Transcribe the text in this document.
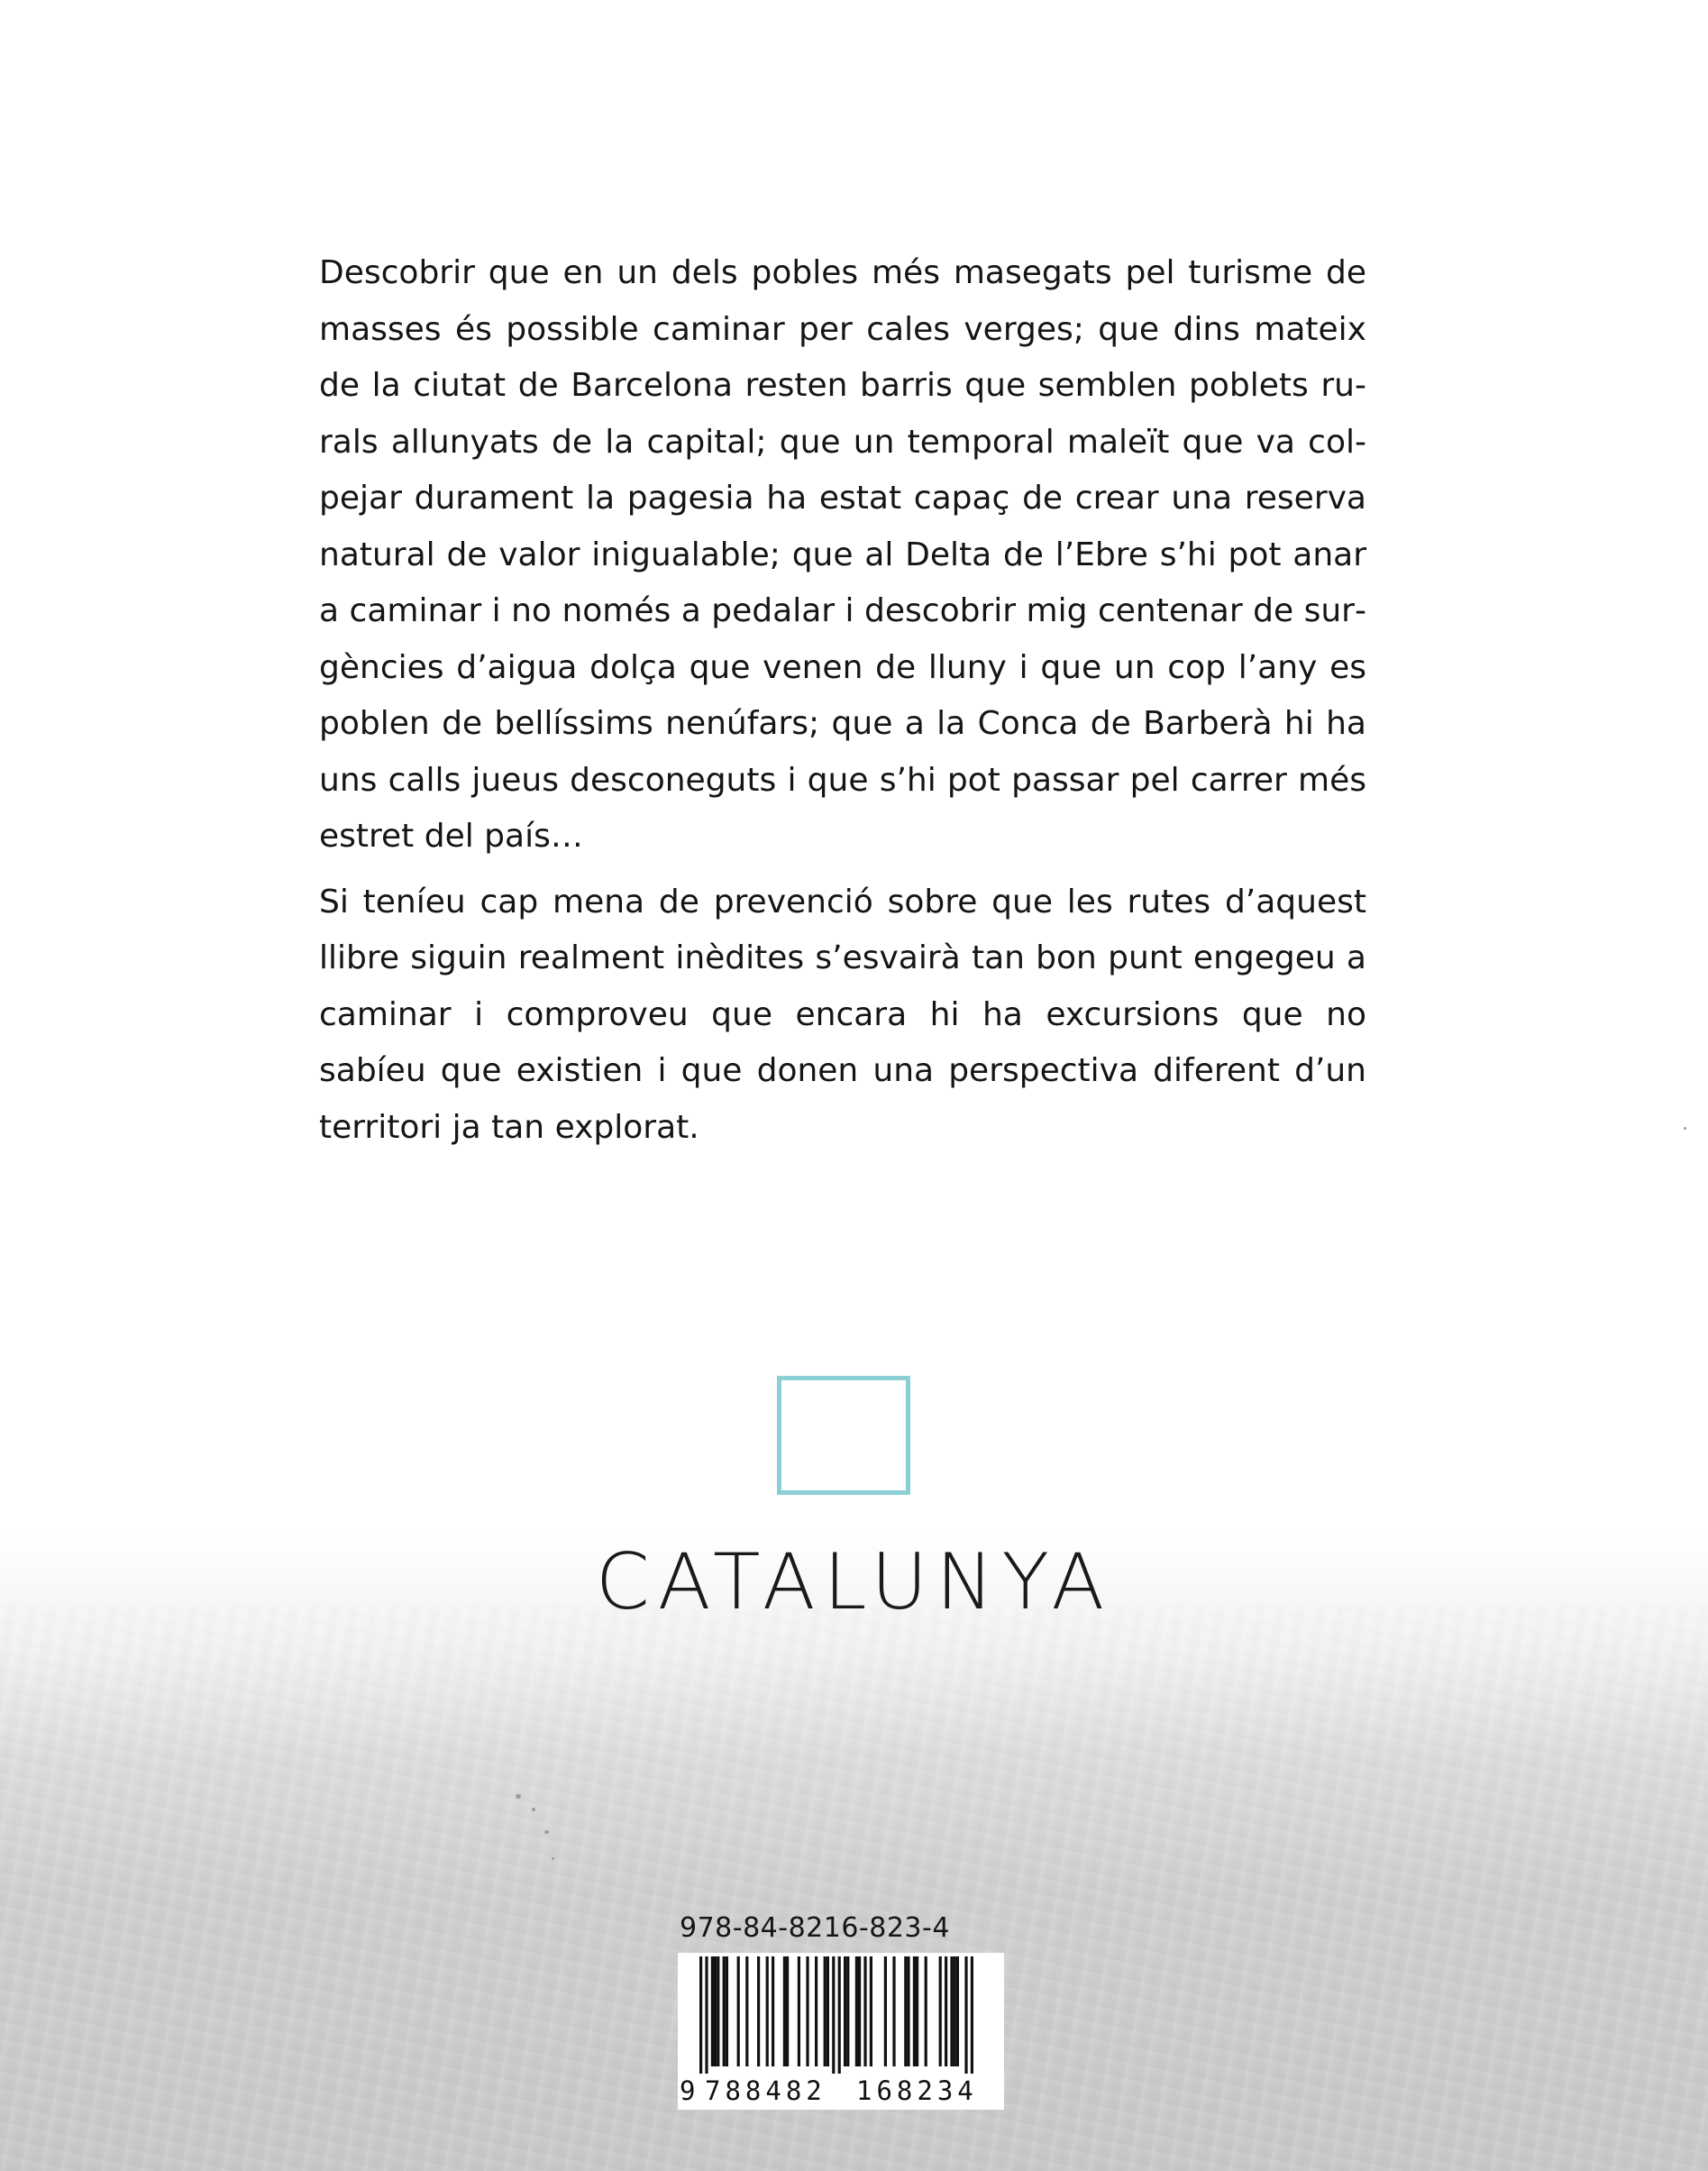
Descobrir que en un dels pobles més masegats pel turisme de masses és possible caminar per cales verges; que dins mateix de la ciutat de Barcelona resten barris que semblen poblets rurals allunyats de la capital; que un temporal maleït que va colpejar durament la pagesia ha estat capaç de crear una reserva natural de valor inigualable; que al Delta de l’Ebre s’hi pot anar a caminar i no només a pedalar i descobrir mig centenar de surgències d’aigua dolça que venen de lluny i que un cop l’any es poblen de bellíssims nenúfars; que a la Conca de Barberà hi ha uns calls jueus desconeguts i que s’hi pot passar pel carrer més estret del país…

Si teníeu cap mena de prevenció sobre que les rutes d’aquest llibre siguin realment inèdites s’esvairà tan bon punt engegeu a caminar i comproveu que encara hi ha excursions que no sabíeu que existien i que donen una perspectiva diferent d’un territori ja tan explorat.

CATALUNYA
978-84-8216-823-4
9 788482 168234
